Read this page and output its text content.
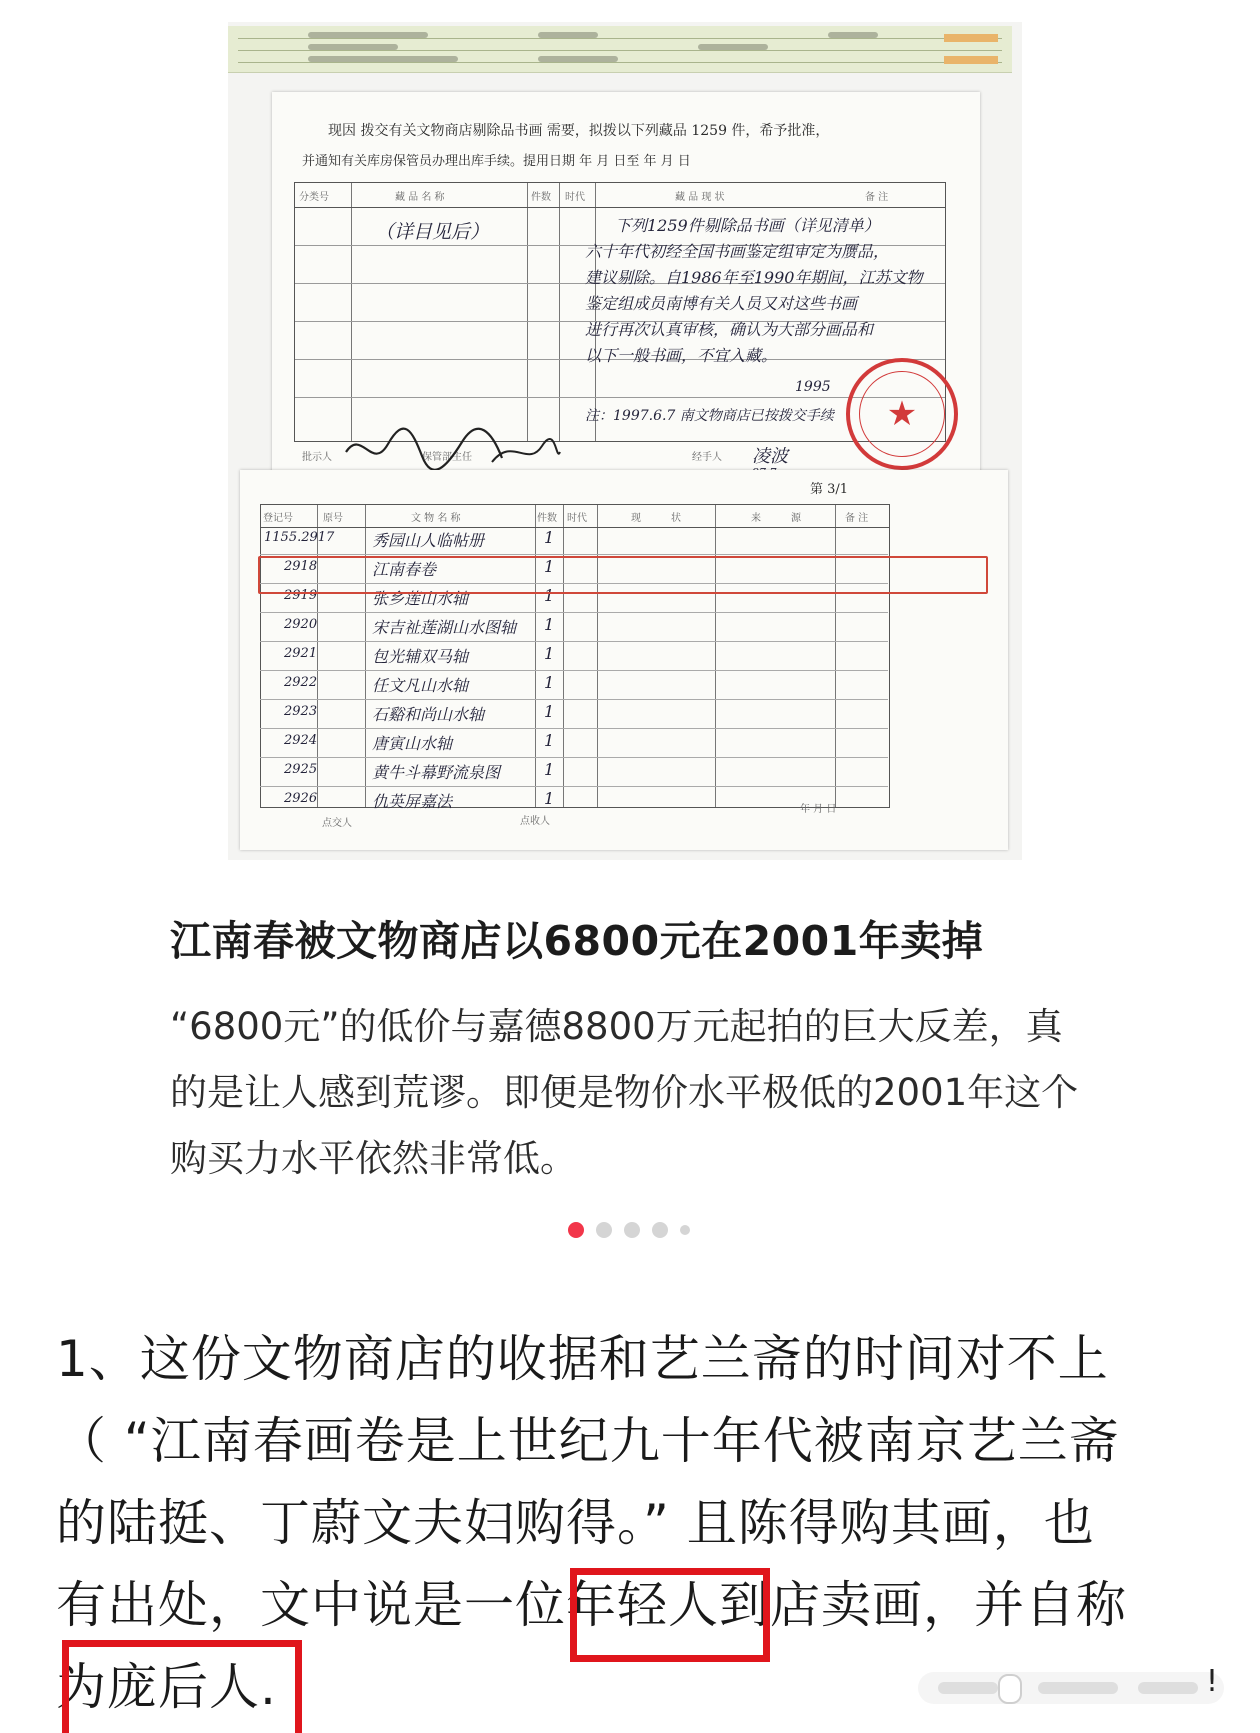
现因 拨交有关文物商店剔除品书画 需要，拟拨以下列藏品 1259 件，希予批准，
并通知有关库房保管员办理出库手续。提用日期 年 月 日至 年 月 日
分类号	藏 品 名 称	件数 时代	藏 品 现 状	备 注
（详目见后）	下列1259件剔除品书画（详见清单）
六十年代初经全国书画鉴定组审定为赝品，
建议剔除。自1986年至1990年期间，江苏文物
鉴定组成员南博有关人员又对这些书画
进行再次认真审核，确认为大部分画品和
以下一般书画，不宜入藏。
1995
注：1997.6.7 南文物商店已按拨交手续
批示人	保管部主任	经手人 凌波
★
第 3/1
登记号	原号	文 物 名 称	件数 时代	现	状	来	源	备 注
1155.2917 秀园山人临帖册	1
2918	江南春卷	1
2919	张乡莲山水轴	1
2920	宋吉祉莲湖山水图轴 1
2921	包光辅双马轴	1
2922	任文凡山水轴	1
2923	石谿和尚山水轴	1
2924	唐寅山水轴	1
2925	黄牛斗幕野流泉图	1
2926	仇英屏嘉法	1
点交人	点收人
年 月 日
江南春被文物商店以6800元在2001年卖掉
“6800元”的低价与嘉德8800万元起拍的巨大反差，真的是让人感到荒谬。即便是物价水平极低的2001年这个购买力水平依然非常低。
1、这份文物商店的收据和艺兰斋的时间对不上
（ “江南春画卷是上世纪九十年代被南京艺兰斋
的陆挺、丁蔚文夫妇购得。” 且陈得购其画，也
有出处，文中说是一位年轻人到店卖画，并自称
为庞后人.	!
